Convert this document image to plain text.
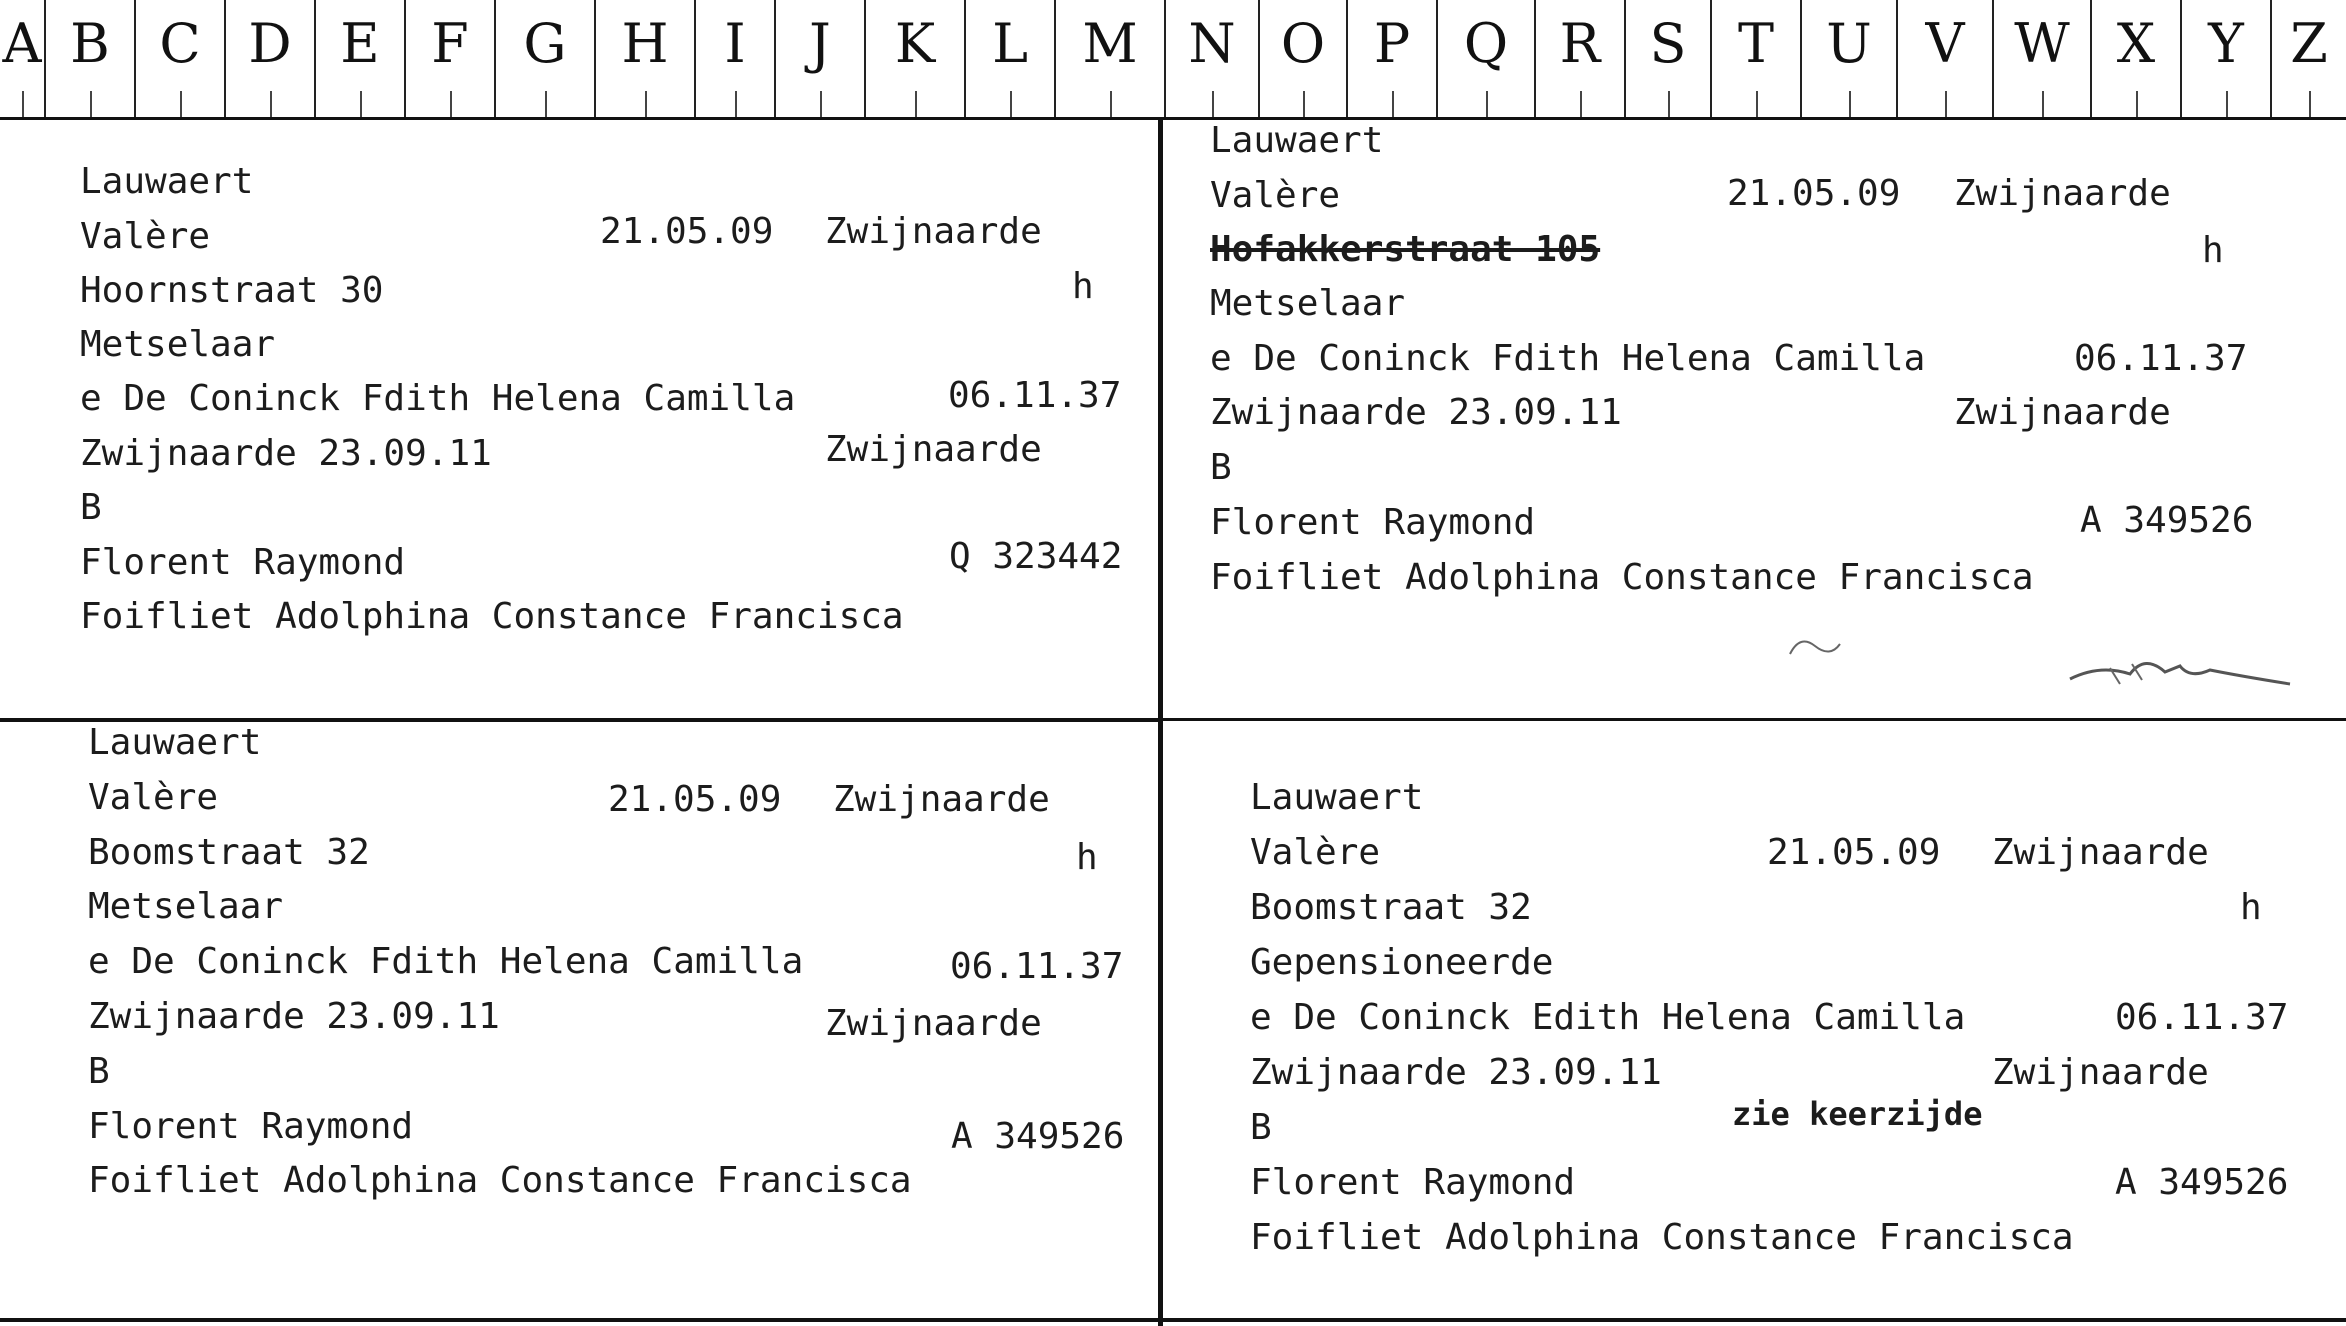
A B C D E F	G	H	I	J	K	L	M N O P Q R S T U V W X Y Z
Lauwaert
Valère	21.05.09 Zwijnaarde
Hoornstraat 30	h
Metselaar
e De Coninck Fdith Helena Camilla	06.11.37
Zwijnaarde 23.09.11	Zwijnaarde
B
Florent Raymond	Q 323442
Foifliet Adolphina Constance Francisca
Lauwaert
Valère	21.05.09 Zwijnaarde
Hofakkerstraat 105	h
Metselaar
e De Coninck Fdith Helena Camilla	06.11.37
Zwijnaarde 23.09.11	Zwijnaarde
B
Florent Raymond	A 349526
Foifliet Adolphina Constance Francisca
Lauwaert
Valère	21.05.09 Zwijnaarde
Boomstraat 32	h
Metselaar
e De Coninck Fdith Helena Camilla	06.11.37
Zwijnaarde 23.09.11	Zwijnaarde
B
Florent Raymond	A 349526
Foifliet Adolphina Constance Francisca
Lauwaert
Valère	21.05.09 Zwijnaarde
Boomstraat 32	h
Gepensioneerde
e De Coninck Edith Helena Camilla	06.11.37
Zwijnaarde 23.09.11
zie keerzijde
Zwijnaarde
B
Florent Raymond	A 349526
Foifliet Adolphina Constance Francisca
